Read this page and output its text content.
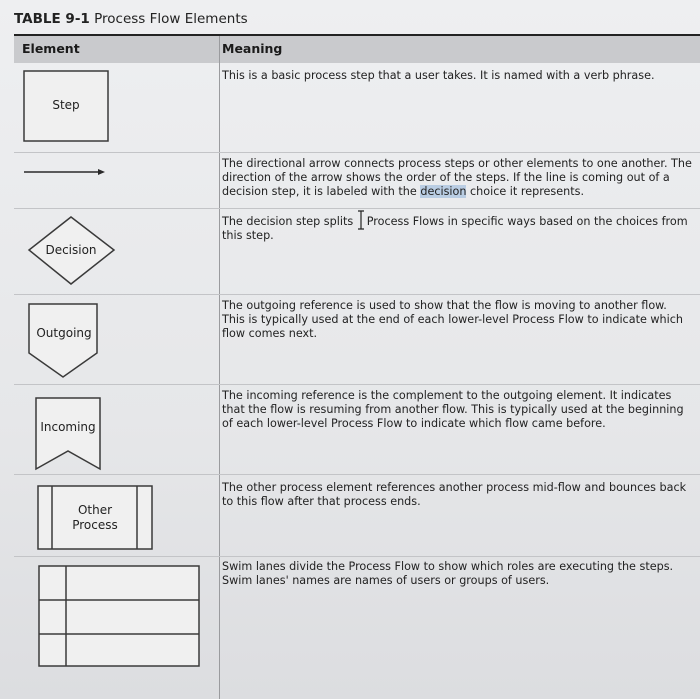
TABLE 9-1 Process Flow Elements
Element	Meaning
Step
This is a basic process step that a user takes. It is named with a verb phrase.
The directional arrow connects process steps or other elements to one another. The direction of the arrow shows the order of the steps. If the line is coming out of a decision step, it is labeled with the decision choice it represents.
Decision
The decision step splits
Process Flows in specific ways based on the choices from this step.
Outgoing
The outgoing reference is used to show that the flow is moving to another flow. This is typically used at the end of each lower-level Process Flow to indicate which flow comes next.
Incoming
The incoming reference is the complement to the outgoing element. It indicates that the flow is resuming from another flow. This is typically used at the beginning of each lower-level Process Flow to indicate which flow came before.
Other
Process
The other process element references another process mid-flow and bounces back to this flow after that process ends.
Swim lanes divide the Process Flow to show which roles are executing the steps. Swim lanes' names are names of users or groups of users.
